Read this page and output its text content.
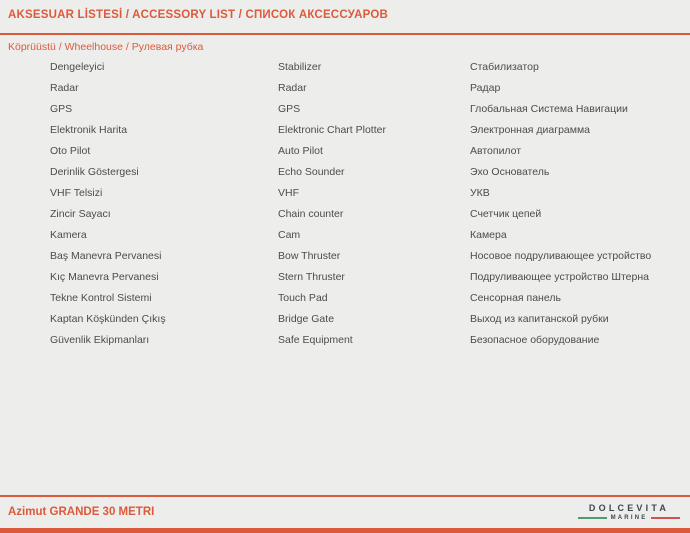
AKSESUAR LİSTESİ / ACCESSORY LIST / СПИСОК АКСЕССУАРОВ
Köprüüstü / Wheelhouse / Рулевая рубка
Dengeleyici	Stabilizer	Стабилизатор
Radar	Radar	Радар
GPS	GPS	Глобальная Система Навигации
Elektronik Harita	Elektronic Chart Plotter	Электронная диаграмма
Oto Pilot	Auto Pilot	Автопилот
Derinlik Göstergesi	Echo Sounder	Эхо Основатель
VHF Telsizi	VHF	УКВ
Zincir Sayacı	Chain counter	Счетчик цепей
Kamera	Cam	Камера
Baş Manevra Pervanesi	Bow Thruster	Носовое подруливающее устройство
Kıç Manevra Pervanesi	Stern Thruster	Подруливающее устройство Штерна
Tekne Kontrol Sistemi	Touch Pad	Сенсорная панель
Kaptan Köşkünden Çıkış	Bridge Gate	Выход из капитанской рубки
Güvenlik Ekipmanları	Safe Equipment	Безопасное оборудование
Azimut GRANDE 30 METRI	DOLCEVITA
MARINE
